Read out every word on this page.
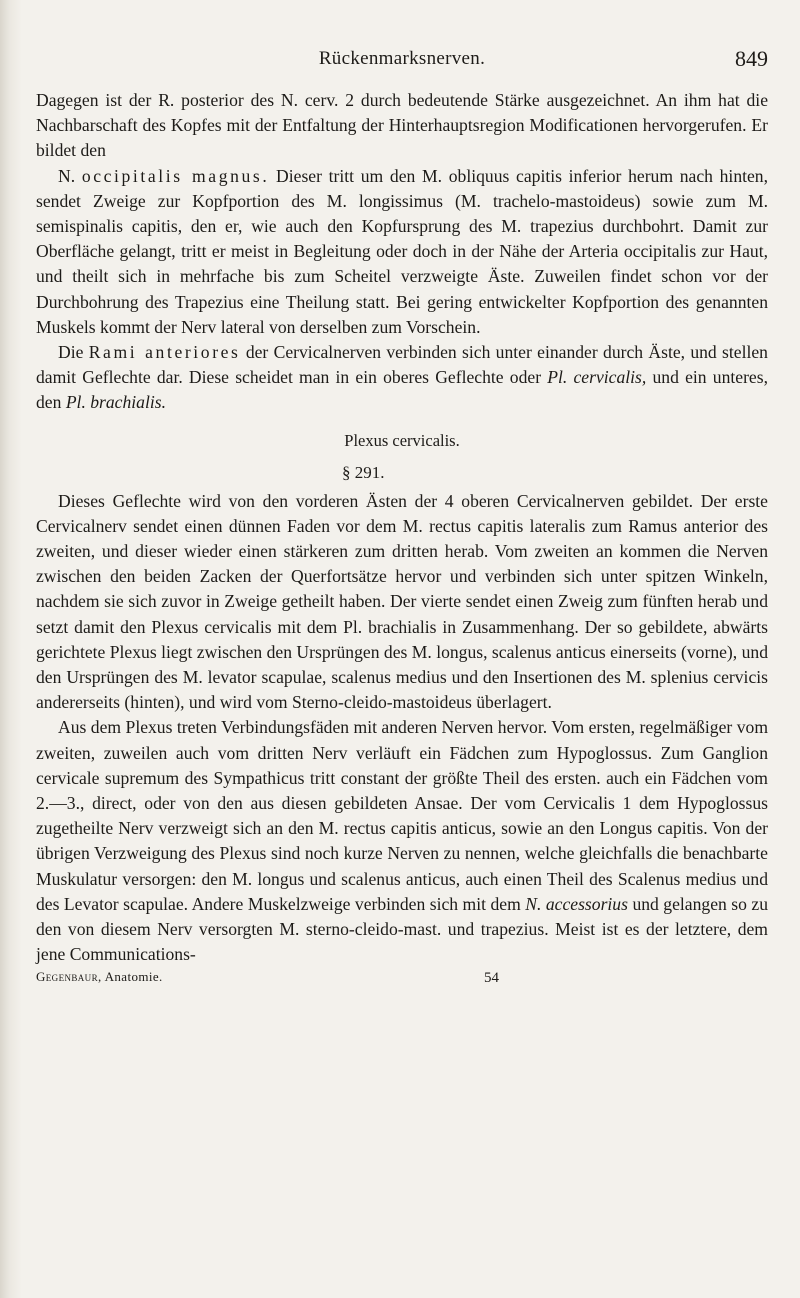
Rückenmarksnerven.	849

Dagegen ist der R. posterior des N. cerv. 2 durch bedeutende Stärke ausgezeichnet. An ihm hat die Nachbarschaft des Kopfes mit der Entfaltung der Hinterhauptsregion Modificationen hervorgerufen. Er bildet den
N. occipitalis magnus. Dieser tritt um den M. obliquus capitis inferior herum nach hinten, sendet Zweige zur Kopfportion des M. longissimus (M. trachelo-mastoideus) sowie zum M. semispinalis capitis, den er, wie auch den Kopfursprung des M. trapezius durchbohrt. Damit zur Oberfläche gelangt, tritt er meist in Begleitung oder doch in der Nähe der Arteria occipitalis zur Haut, und theilt sich in mehrfache bis zum Scheitel verzweigte Äste. Zuweilen findet schon vor der Durchbohrung des Trapezius eine Theilung statt. Bei gering entwickelter Kopfportion des genannten Muskels kommt der Nerv lateral von derselben zum Vorschein.

Die Rami anteriores der Cervicalnerven verbinden sich unter einander durch Äste, und stellen damit Geflechte dar. Diese scheidet man in ein oberes Geflechte oder Pl. cervicalis, und ein unteres, den Pl. brachialis.

Plexus cervicalis.
§ 291.

Dieses Geflechte wird von den vorderen Ästen der 4 oberen Cervicalnerven gebildet. Der erste Cervicalnerv sendet einen dünnen Faden vor dem M. rectus capitis lateralis zum Ramus anterior des zweiten, und dieser wieder einen stärkeren zum dritten herab. Vom zweiten an kommen die Nerven zwischen den beiden Zacken der Querfortsätze hervor und verbinden sich unter spitzen Winkeln, nachdem sie sich zuvor in Zweige getheilt haben. Der vierte sendet einen Zweig zum fünften herab und setzt damit den Plexus cervicalis mit dem Pl. brachialis in Zusammenhang. Der so gebildete, abwärts gerichtete Plexus liegt zwischen den Ursprüngen des M. longus, scalenus anticus einerseits (vorne), und den Ursprüngen des M. levator scapulae, scalenus medius und den Insertionen des M. splenius cervicis andererseits (hinten), und wird vom Sterno-cleido-mastoideus überlagert.

Aus dem Plexus treten Verbindungsfäden mit anderen Nerven hervor. Vom ersten, regelmäßiger vom zweiten, zuweilen auch vom dritten Nerv verläuft ein Fädchen zum Hypoglossus. Zum Ganglion cervicale supremum des Sympathicus tritt constant der größte Theil des ersten. auch ein Fädchen vom 2.—3., direct, oder von den aus diesen gebildeten Ansae. Der vom Cervicalis 1 dem Hypoglossus zugetheilte Nerv verzweigt sich an den M. rectus capitis anticus, sowie an den Longus capitis. Von der übrigen Verzweigung des Plexus sind noch kurze Nerven zu nennen, welche gleichfalls die benachbarte Muskulatur versorgen: den M. longus und scalenus anticus, auch einen Theil des Scalenus medius und des Levator scapulae. Andere Muskelzweige verbinden sich mit dem N. accessorius und gelangen so zu den von diesem Nerv versorgten M. sterno-cleido-mast. und trapezius. Meist ist es der letztere, dem jene Communications-

Gegenbaur, Anatomie.	54
